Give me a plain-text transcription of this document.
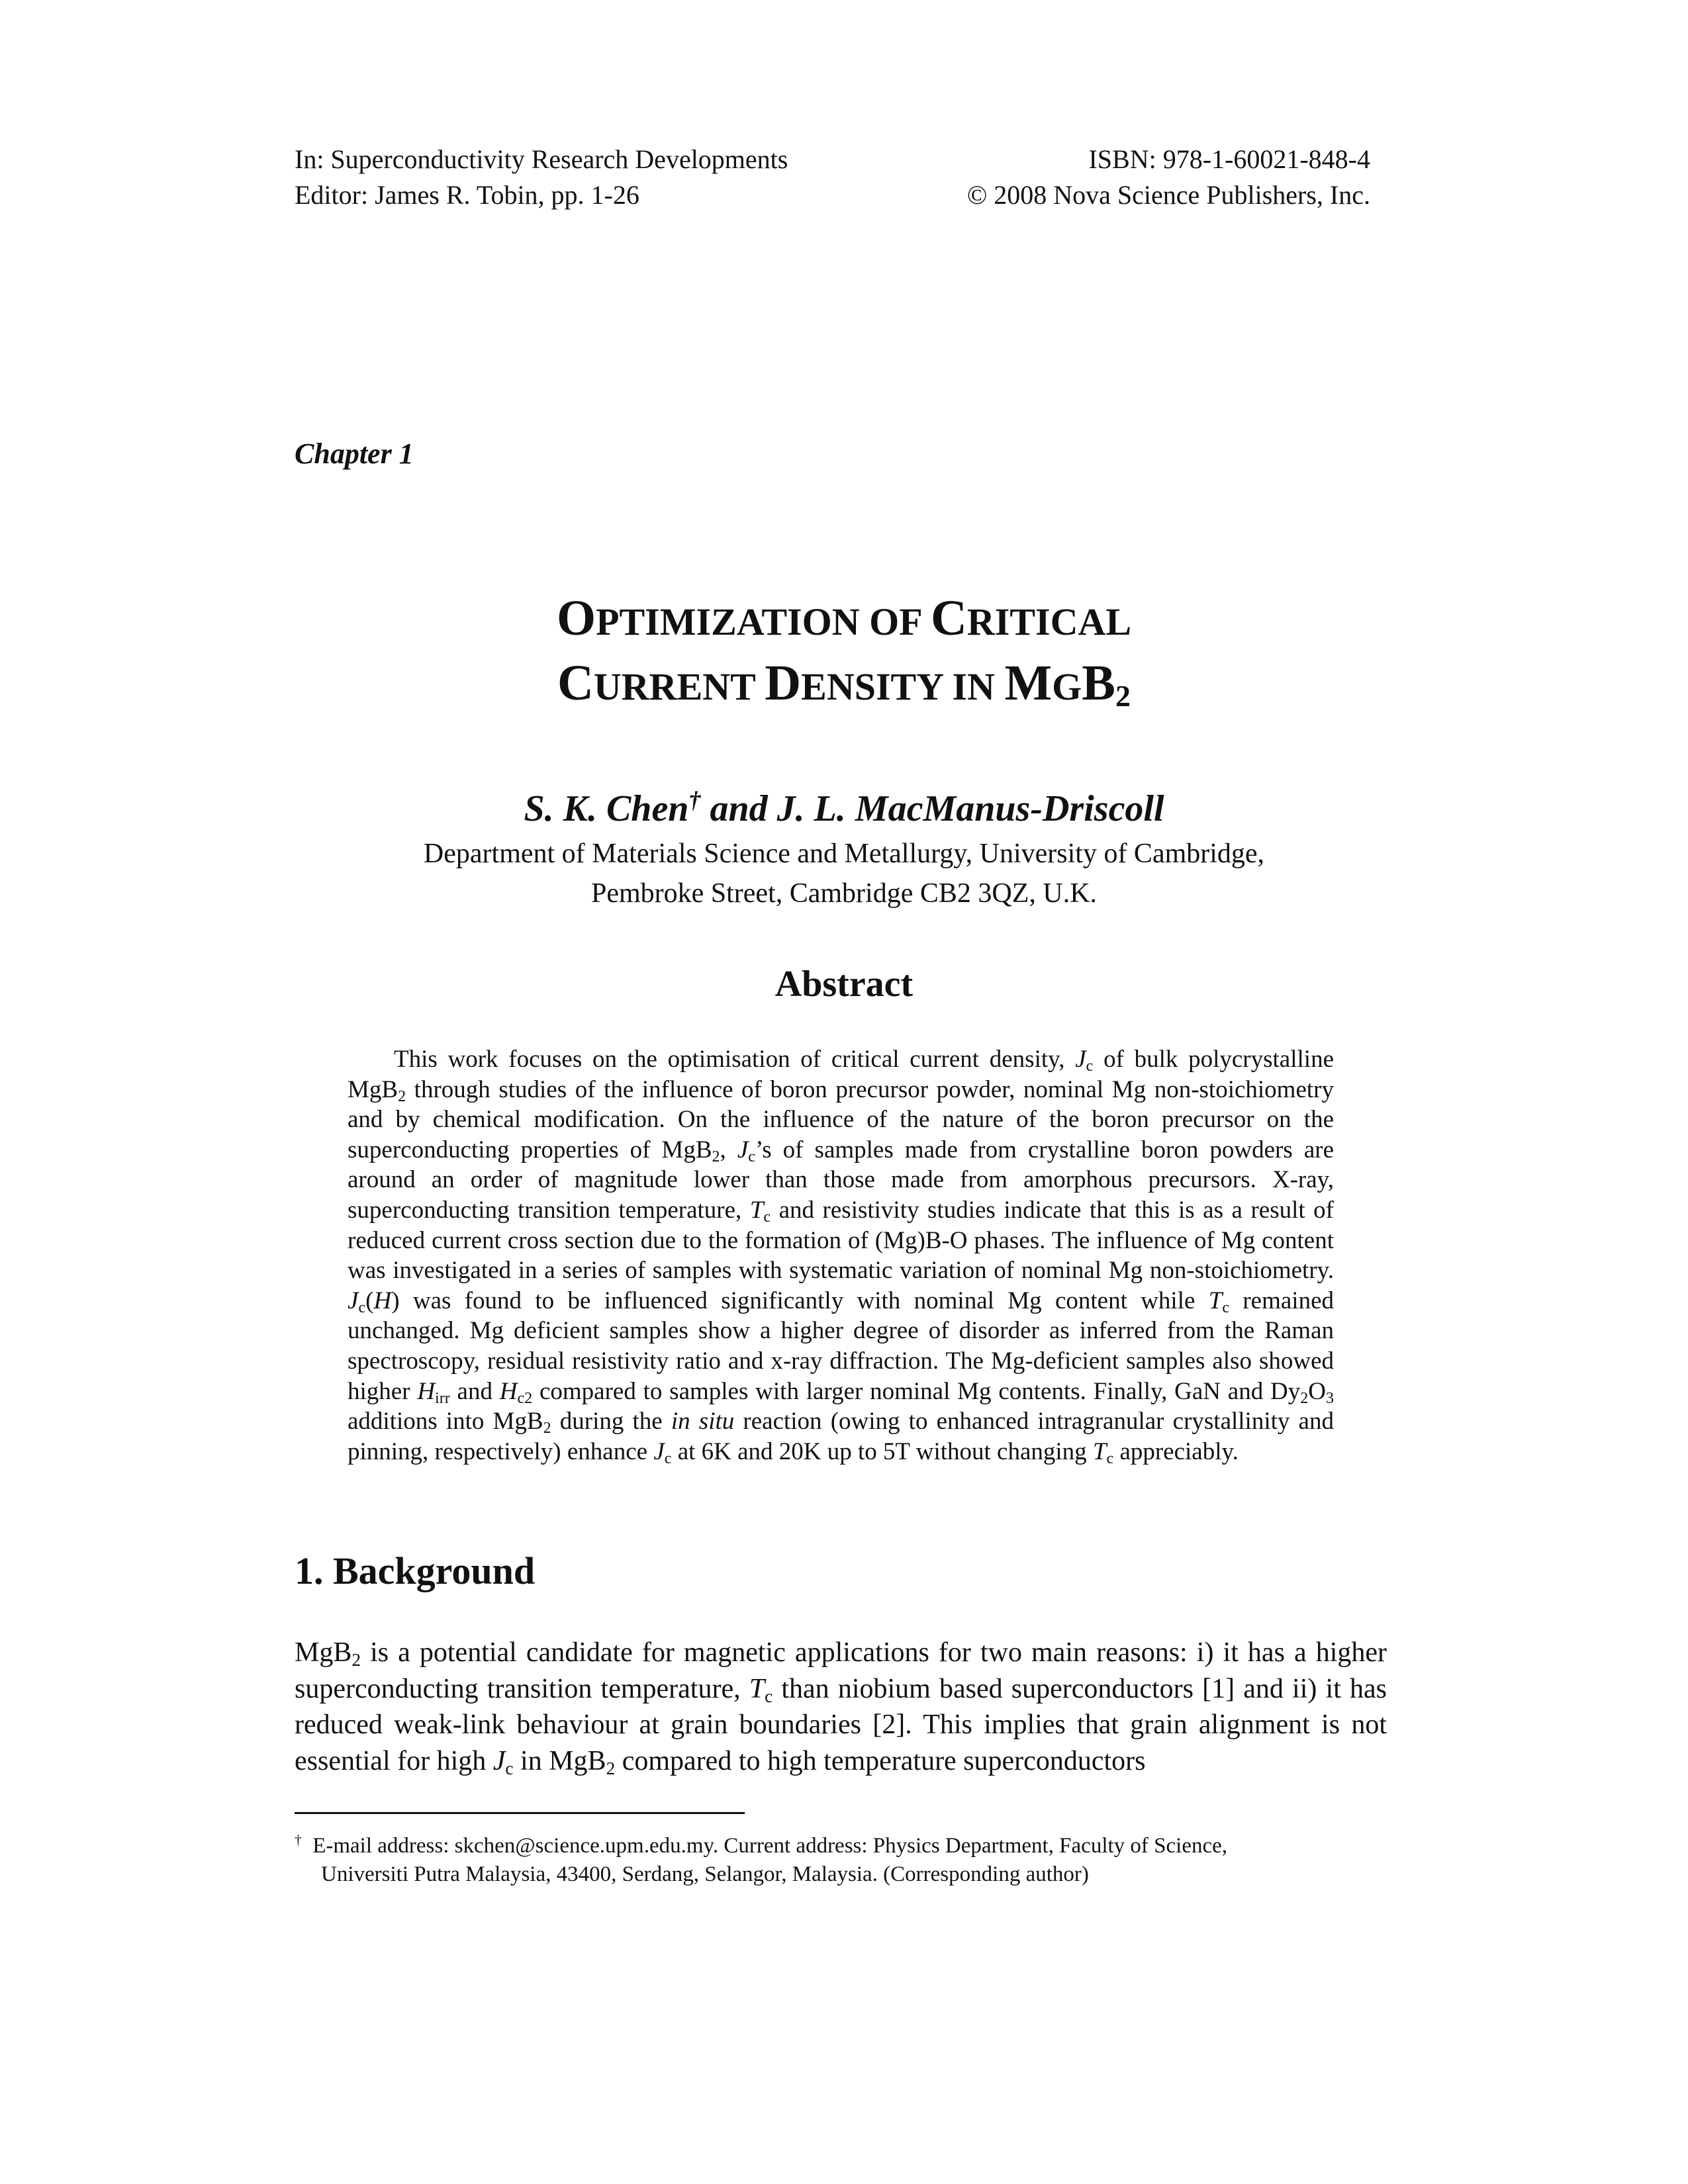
In: Superconductivity Research Developments
Editor: James R. Tobin, pp. 1-26
ISBN: 978-1-60021-848-4
© 2008 Nova Science Publishers, Inc.
Chapter 1
OPTIMIZATION OF CRITICAL
CURRENT DENSITY IN $MGB_2$
S. K. Chen† and J. L. MacManus-Driscoll
Department of Materials Science and Metallurgy, University of Cambridge,
Pembroke Street, Cambridge CB2 3QZ, U.K.
Abstract
This work focuses on the optimisation of critical current density, $J_c$ of bulk polycrystalline MgB$_2$ through studies of the influence of boron precursor powder, nominal Mg non-stoichiometry and by chemical modification. On the influence of the nature of the boron precursor on the superconducting properties of MgB$_2$, $J_c’s$ of samples made from crystalline boron powders are around an order of magnitude lower than those made from amorphous precursors. X-ray, superconducting transition temperature, $T_c$ and resistivity studies indicate that this is as a result of reduced current cross section due to the formation of (Mg)B-O phases. The influence of Mg content was investigated in a series of samples with systematic variation of nominal Mg non-stoichiometry. $J_c(H)$ was found to be influenced significantly with nominal Mg content while $T_c$ remained unchanged. Mg deficient samples show a higher degree of disorder as inferred from the Raman spectroscopy, residual resistivity ratio and x-ray diffraction. The Mg-deficient samples also showed higher $H_{irr}$ and $H_{c2}$ compared to samples with larger nominal Mg contents. Finally, GaN and $Dy_2O_3$ additions into MgB$_2$ during the in situ reaction (owing to enhanced intragranular crystallinity and pinning, respectively) enhance $J_c$ at 6K and 20K up to 5T without changing $T_c$ appreciably.
1. Background
MgB$_2$ is a potential candidate for magnetic applications for two main reasons: i) it has a higher superconducting transition temperature, $T_c$ than niobium based superconductors [1] and ii) it has reduced weak-link behaviour at grain boundaries [2]. This implies that grain alignment is not essential for high $J_c$ in MgB$_2$ compared to high temperature superconductors
† E-mail address: skchen@science.upm.edu.my. Current address: Physics Department, Faculty of Science,
Universiti Putra Malaysia, 43400, Serdang, Selangor, Malaysia. (Corresponding author)
